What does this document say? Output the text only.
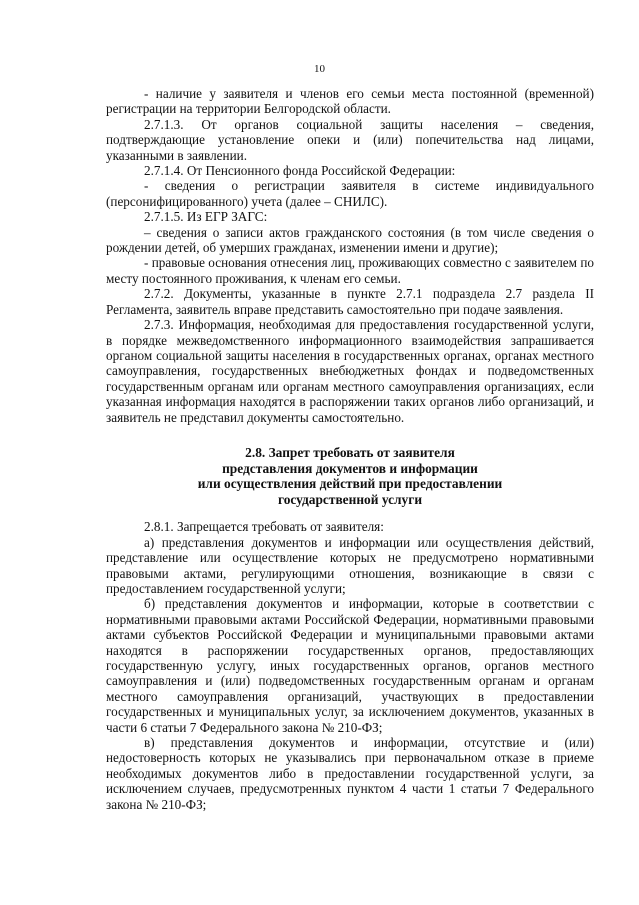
10

- наличие у заявителя и членов его семьи места постоянной (временной) регистрации на территории Белгородской области.

2.7.1.3. От органов социальной защиты населения – сведения, подтверждающие установление опеки и (или) попечительства над лицами, указанными в заявлении.

2.7.1.4. От Пенсионного фонда Российской Федерации:

- сведения о регистрации заявителя в системе индивидуального (персонифицированного) учета (далее – СНИЛС).

2.7.1.5. Из ЕГР ЗАГС:

– сведения о записи актов гражданского состояния (в том числе сведения о рождении детей, об умерших гражданах, изменении имени и другие);

- правовые основания отнесения лиц, проживающих совместно с заявителем по месту постоянного проживания, к членам его семьи.

2.7.2. Документы, указанные в пункте 2.7.1 подраздела 2.7 раздела II Регламента, заявитель вправе представить самостоятельно при подаче заявления.

2.7.3. Информация, необходимая для предоставления государственной услуги, в порядке межведомственного информационного взаимодействия запрашивается органом социальной защиты населения в государственных органах, органах местного самоуправления, государственных внебюджетных фондах и подведомственных государственным органам или органам местного самоуправления организациях, если указанная информация находятся в распоряжении таких органов либо организаций, и заявитель не представил документы самостоятельно.

2.8. Запрет требовать от заявителя
представления документов и информации
или осуществления действий при предоставлении
государственной услуги

2.8.1. Запрещается требовать от заявителя:

а) представления документов и информации или осуществления действий, представление или осуществление которых не предусмотрено нормативными правовыми актами, регулирующими отношения, возникающие в связи с предоставлением государственной услуги;

б) представления документов и информации, которые в соответствии с нормативными правовыми актами Российской Федерации, нормативными правовыми актами субъектов Российской Федерации и муниципальными правовыми актами находятся в распоряжении государственных органов, предоставляющих государственную услугу, иных государственных органов, органов местного самоуправления и (или) подведомственных государственным органам и органам местного самоуправления организаций, участвующих в предоставлении государственных и муниципальных услуг, за исключением документов, указанных в части 6 статьи 7 Федерального закона № 210-ФЗ;

в) представления документов и информации, отсутствие и (или) недостоверность которых не указывались при первоначальном отказе в приеме необходимых документов либо в предоставлении государственной услуги, за исключением случаев, предусмотренных пунктом 4 части 1 статьи 7 Федерального закона № 210-ФЗ;
